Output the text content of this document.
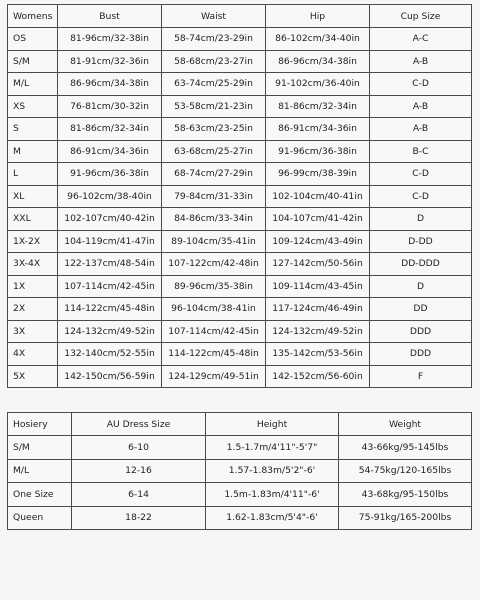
Womens	Bust	Waist	Hip	Cup Size
OS	81-96cm/32-38in	58-74cm/23-29in	86-102cm/34-40in	A-C
S/M	81-91cm/32-36in	58-68cm/23-27in	86-96cm/34-38in	A-B
M/L	86-96cm/34-38in	63-74cm/25-29in	91-102cm/36-40in	C-D
XS	76-81cm/30-32in	53-58cm/21-23in	81-86cm/32-34in	A-B
S	81-86cm/32-34in	58-63cm/23-25in	86-91cm/34-36in	A-B
M	86-91cm/34-36in	63-68cm/25-27in	91-96cm/36-38in	B-C
L	91-96cm/36-38in	68-74cm/27-29in	96-99cm/38-39in	C-D
XL	96-102cm/38-40in	79-84cm/31-33in	102-104cm/40-41in	C-D
XXL	102-107cm/40-42in	84-86cm/33-34in	104-107cm/41-42in	D
1X-2X	104-119cm/41-47in	89-104cm/35-41in	109-124cm/43-49in	D-DD
3X-4X	122-137cm/48-54in	107-122cm/42-48in	127-142cm/50-56in	DD-DDD
1X	107-114cm/42-45in	89-96cm/35-38in	109-114cm/43-45in	D
2X	114-122cm/45-48in	96-104cm/38-41in	117-124cm/46-49in	DD
3X	124-132cm/49-52in	107-114cm/42-45in	124-132cm/49-52in	DDD
4X	132-140cm/52-55in	114-122cm/45-48in	135-142cm/53-56in	DDD
5X	142-150cm/56-59in	124-129cm/49-51in	142-152cm/56-60in	F
Hosiery	AU Dress Size	Height	Weight
S/M	6-10	1.5-1.7m/4'11"-5'7"	43-66kg/95-145lbs
M/L	12-16	1.57-1.83m/5'2"-6'	54-75kg/120-165lbs
One Size	6-14	1.5m-1.83m/4'11"-6'	43-68kg/95-150lbs
Queen	18-22	1.62-1.83cm/5'4"-6'	75-91kg/165-200lbs
